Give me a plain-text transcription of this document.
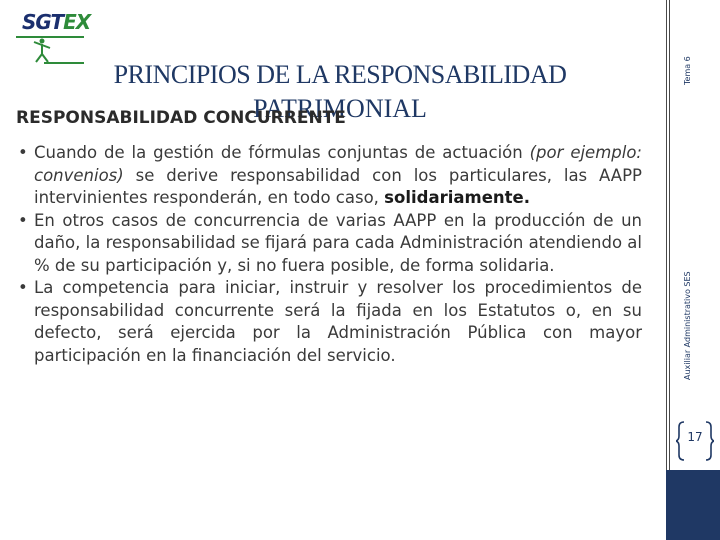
SGTEX
PRINCIPIOS DE LA RESPONSABILIDAD
PATRIMONIAL
RESPONSABILIDAD CONCURRENTE
• Cuando de la gestión de fórmulas conjuntas de actuación (por ejemplo: convenios) se derive responsabilidad con los particulares, las AAPP intervinientes responderán, en todo caso, solidariamente.
• En otros casos de concurrencia de varias AAPP en la producción de un daño, la responsabilidad se fijará para cada Administración atendiendo al % de su participación y, si no fuera posible, de forma solidaria.
• La competencia para iniciar, instruir y resolver los procedimientos de responsabilidad concurrente será la fijada en los Estatutos o, en su defecto, será ejercida por la Administración Pública con mayor participación en la financiación del servicio.
Tema 6
Auxiliar Administrativo SES
17
